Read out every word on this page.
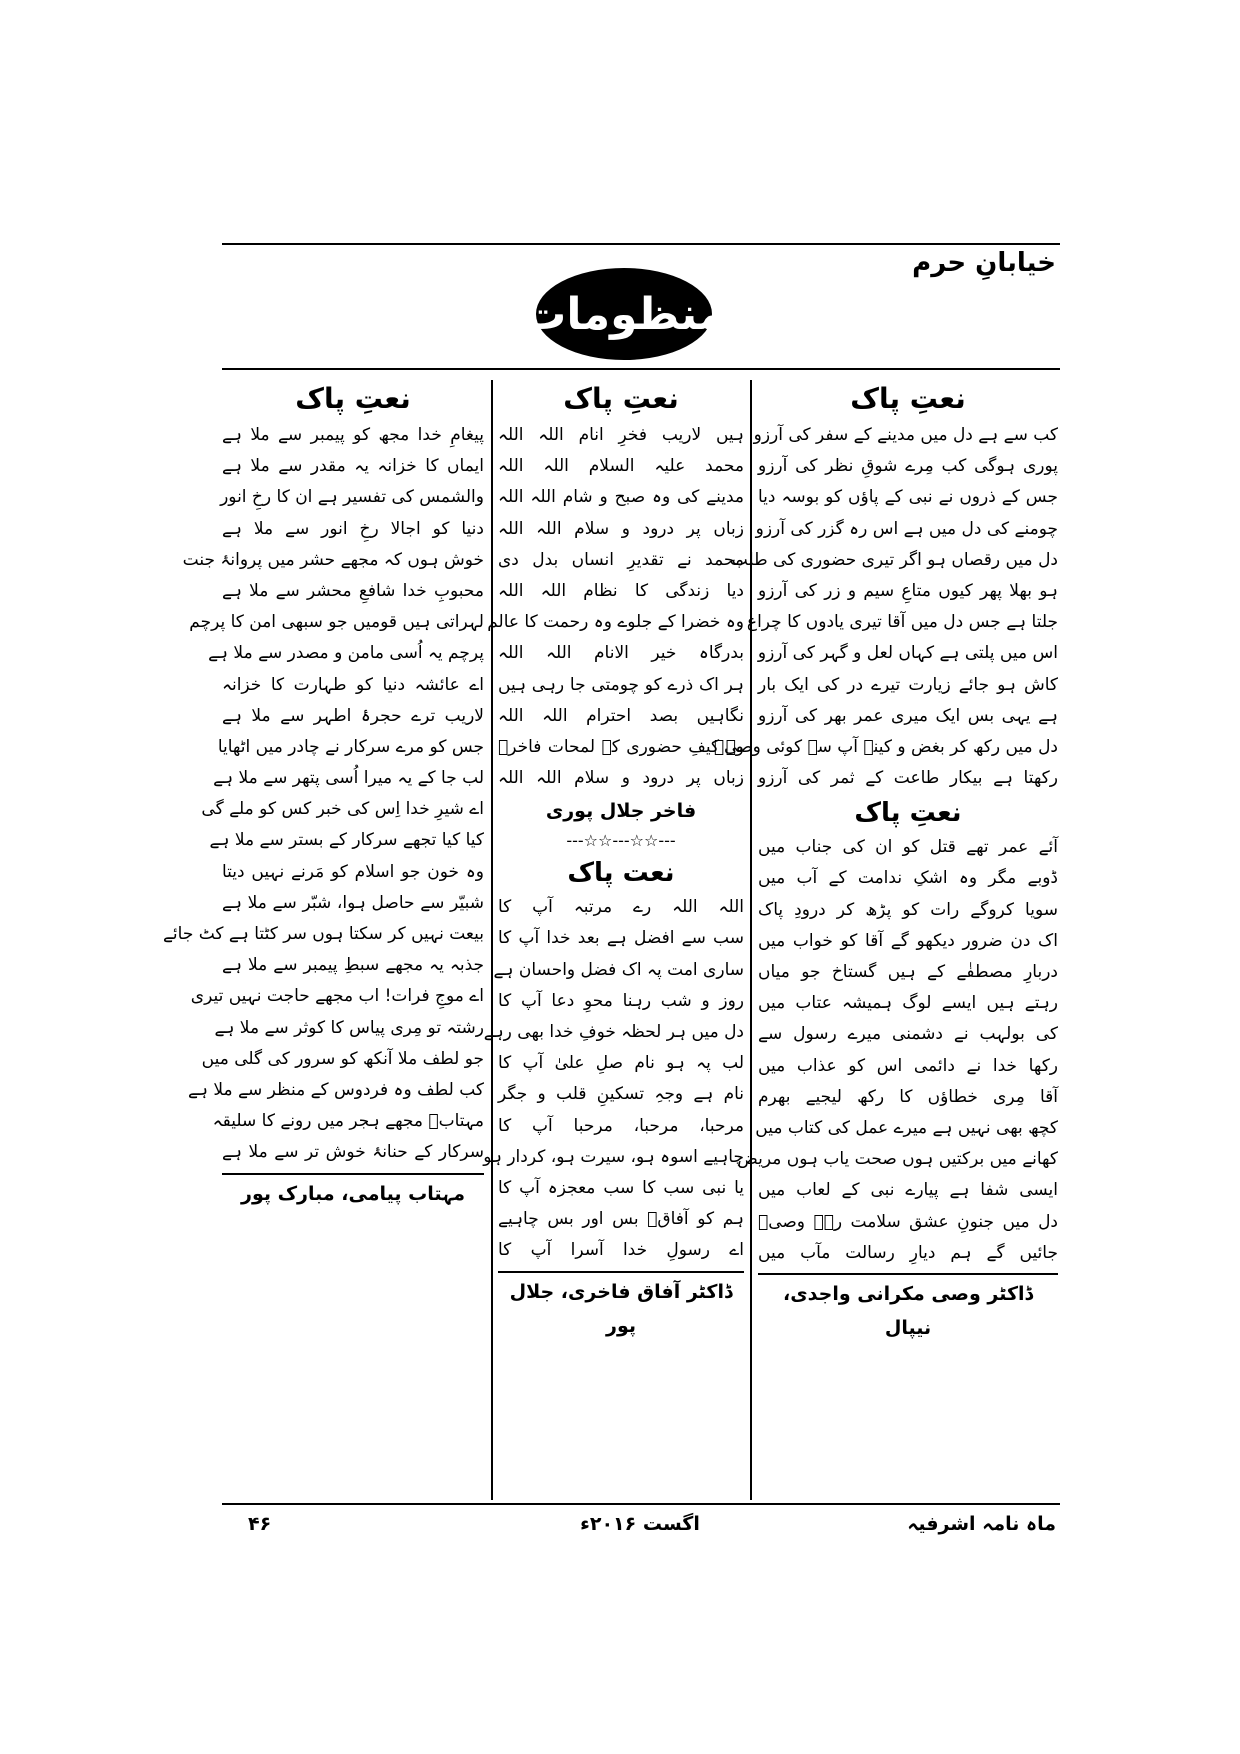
خیابانِ حرم
منظومات
نعتِ پاک
کب سے ہے دل میں مدینے کے سفر کی آرزو
پوری ہوگی کب مِرے شوقِ نظر کی آرزو
جس کے ذروں نے نبی کے پاؤں کو بوسہ دیا
چومنے کی دل میں ہے اس رہ گزر کی آرزو
دل میں رقصاں ہو اگر تیری حضوری کی طلب
ہو بھلا پھر کیوں متاعِ سیم و زر کی آرزو
جلتا ہے جس دل میں آقا تیری یادوں کا چراغ
اس میں پلتی ہے کہاں لعل و گہر کی آرزو
کاش ہو جائے زیارت تیرے در کی ایک بار
ہے یہی بس ایک میری عمر بھر کی آرزو
دل میں رکھ کر بغض و کینہ آپ سے کوئی وصیؔ
رکھتا ہے بیکار طاعت کے ثمر کی آرزو
نعتِ پاک
آئے عمر تھے قتل کو ان کی جناب میں
ڈوبے مگر وہ اشکِ ندامت کے آب میں
سویا کروگے رات کو پڑھ کر درودِ پاک
اک دن ضرور دیکھو گے آقا کو خواب میں
دربارِ مصطفٰے کے ہیں گستاخ جو میاں
رہتے ہیں ایسے لوگ ہمیشہ عتاب میں
کی بولہب نے دشمنی میرے رسول سے
رکھا خدا نے دائمی اس کو عذاب میں
آقا مِری خطاؤں کا رکھ لیجیے بھرم
کچھ بھی نہیں ہے میرے عمل کی کتاب میں
کھانے میں برکتیں ہوں صحت یاب ہوں مریض
ایسی شفا ہے پیارے نبی کے لعاب میں
دل میں جنونِ عشق سلامت رہے وصیؔ
جائیں گے ہم دیارِ رسالت مآب میں
ڈاکٹر وصی مکرانی واجدی، نیپال
نعتِ پاک
ہیں لاریب فخرِ انام اللہ اللہ
محمد علیہ السلام اللہ اللہ
مدینے کی وہ صبح و شام اللہ اللہ
زباں پر درود و سلام اللہ اللہ
محمد نے تقدیرِ انساں بدل دی
دیا زندگی کا نظام اللہ اللہ
وہ خضرا کے جلوے وہ رحمت کا عالم
بدرگاہ خیر الانام اللہ اللہ
ہر اک ذرے کو چومتی جا رہی ہیں
نگاہیں بصد احترام اللہ اللہ
وہ کیفِ حضوری کے لمحات فاخرؔ
زباں پر درود و سلام اللہ اللہ
فاخر جلال پوری
---☆☆---☆☆---
نعت پاک
اللہ اللہ رے مرتبہ آپ کا
سب سے افضل ہے بعد خدا آپ کا
ساری امت پہ اک فضل واحسان ہے
روز و شب رہنا محوِ دعا آپ کا
دل میں ہر لحظہ خوفِ خدا بھی رہے
لب پہ ہو نام صلِ علیٰ آپ کا
نام ہے وجہِ تسکینِ قلب و جگر
مرحبا، مرحبا، مرحبا آپ کا
چاہیے اسوہ ہو، سیرت ہو، کردار ہو
یا نبی سب کا سب معجزہ آپ کا
ہم کو آفاقؔ بس اور بس چاہیے
اے رسولِ خدا آسرا آپ کا
ڈاکٹر آفاق فاخری، جلال پور
نعتِ پاک
پیغامِ خدا مجھ کو پیمبر سے ملا ہے
ایماں کا خزانہ یہ مقدر سے ملا ہے
والشمس کی تفسیر ہے ان کا رخِ انور
دنیا کو اجالا رخِ انور سے ملا ہے
خوش ہوں کہ مجھے حشر میں پروانۂ جنت
محبوبِ خدا شافعِ محشر سے ملا ہے
لہراتی ہیں قومیں جو سبھی امن کا پرچم
پرچم یہ اُسی مامن و مصدر سے ملا ہے
اے عائشہ دنیا کو طہارت کا خزانہ
لاریب ترے حجرۂ اطہر سے ملا ہے
جس کو مرے سرکار نے چادر میں اٹھایا
لب جا کے یہ میرا اُسی پتھر سے ملا ہے
اے شیرِ خدا اِس کی خبر کس کو ملے گی
کیا کیا تجھے سرکار کے بستر سے ملا ہے
وہ خون جو اسلام کو مَرنے نہیں دیتا
شبیّر سے حاصل ہوا، شبّر سے ملا ہے
بیعت نہیں کر سکتا ہوں سر کٹتا ہے کٹ جائے
جذبہ یہ مجھے سبطِ پیمبر سے ملا ہے
اے موجِ فرات! اب مجھے حاجت نہیں تیری
رشتہ تو مِری پیاس کا کوثر سے ملا ہے
جو لطف ملا آنکھ کو سرور کی گلی میں
کب لطف وہ فردوس کے منظر سے ملا ہے
مہتابؔ مجھے ہجر میں رونے کا سلیقہ
سرکار کے حنانۂ خوش تر سے ملا ہے
مہتاب پیامی، مبارک پور
ماہ نامہ اشرفیہ
اگست ۲۰۱۶ء
۴۶
